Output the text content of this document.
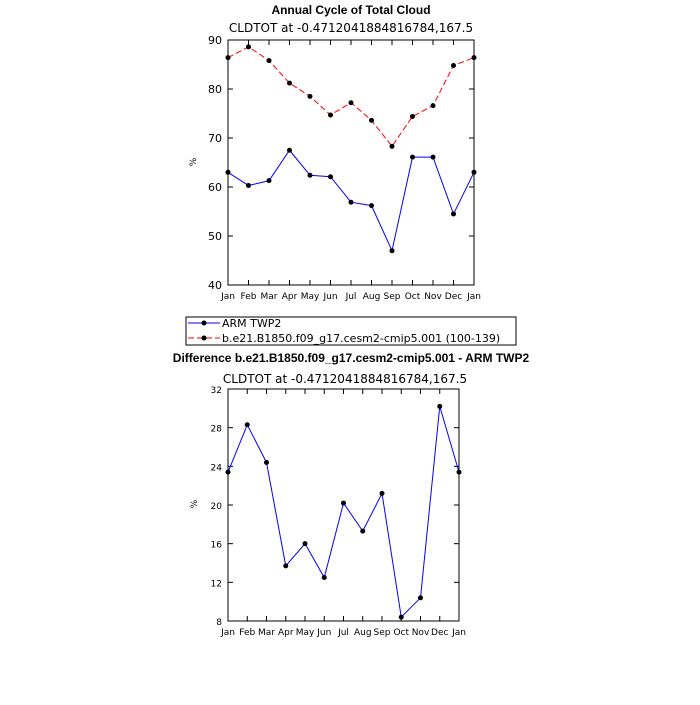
Annual Cycle of Total Cloud
CLDTOT at -0.4712041884816784,167.5
%
40
50
60
70
80
90
Jan Feb Mar Apr May Jun Jul Aug Sep Oct Nov Dec Jan
ARM TWP2
b.e21.B1850.f09_g17.cesm2-cmip5.001 (100-139)
Difference b.e21.B1850.f09_g17.cesm2-cmip5.001 - ARM TWP2
CLDTOT at -0.4712041884816784,167.5
%
8
12
16
20
24
28
32
Jan Feb Mar Apr May Jun Jul Aug Sep Oct Nov Dec Jan
